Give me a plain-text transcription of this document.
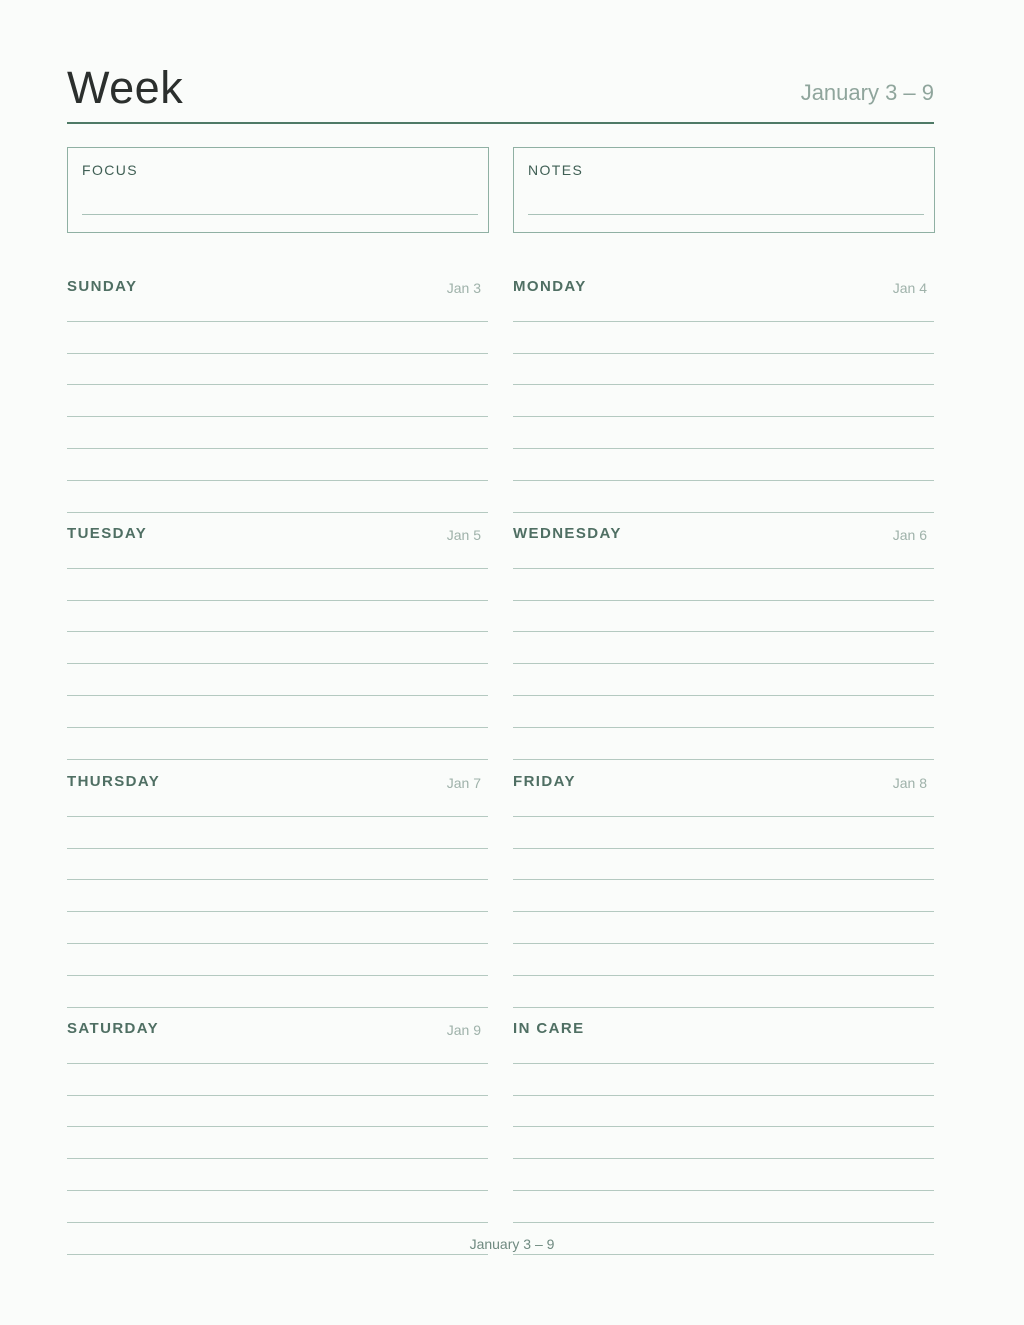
Week	January 3 – 9
FOCUS	NOTES
SUNDAY	Jan 3 MONDAY	Jan 4
TUESDAY	Jan 5 WEDNESDAY	Jan 6
THURSDAY	Jan 7 FRIDAY	Jan 8
SATURDAY	Jan 9 IN CARE
January 3 – 9
